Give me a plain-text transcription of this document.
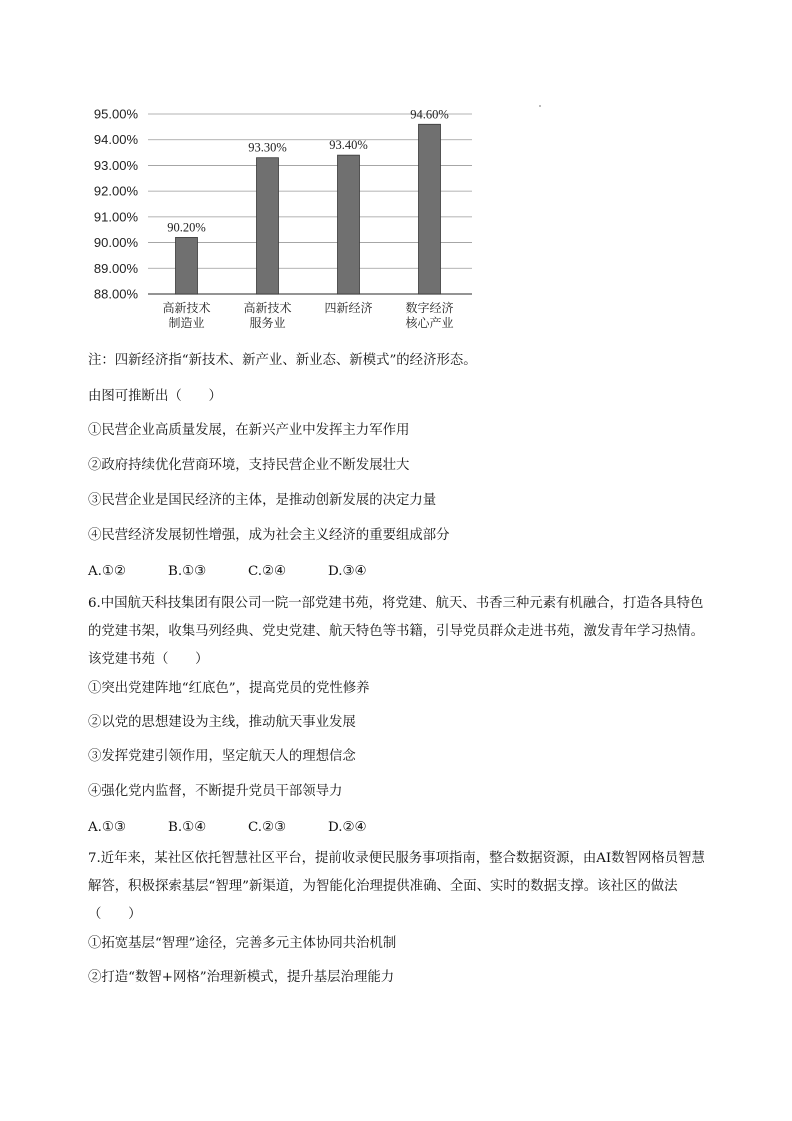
88.00%
89.00%
90.00%
91.00%
92.00%
93.00%
94.00%
95.00%
90.20%
93.30%	93.40%
94.60%
高新技术
制造业
高新技术
服务业
四新经济	数字经济
核心产业
注：四新经济指“新技术、新产业、新业态、新模式”的经济形态。
由图可推断出（　　）
①民营企业高质量发展，在新兴产业中发挥主力军作用
②政府持续优化营商环境，支持民营企业不断发展壮大
③民营企业是国民经济的主体，是推动创新发展的决定力量
④民营经济发展韧性增强，成为社会主义经济的重要组成部分
A.①②	B.①③	C.②④	D.③④
6.中国航天科技集团有限公司一院一部党建书苑，将党建、航天、书香三种元素有机融合，打造各具特色的党建书架，收集马列经典、党史党建、航天特色等书籍，引导党员群众走进书苑，激发青年学习热情。该党建书苑（　　）
①突出党建阵地“红底色”，提高党员的党性修养
②以党的思想建设为主线，推动航天事业发展
③发挥党建引领作用，坚定航天人的理想信念
④强化党内监督，不断提升党员干部领导力
A.①③	B.①④	C.②③	D.②④
7.近年来，某社区依托智慧社区平台，提前收录便民服务事项指南，整合数据资源，由AI数智网格员智慧解答，积极探索基层“智理”新渠道，为智能化治理提供准确、全面、实时的数据支撑。该社区的做法（　　）
①拓宽基层“智理”途径，完善多元主体协同共治机制
②打造“数智+网格”治理新模式，提升基层治理能力
